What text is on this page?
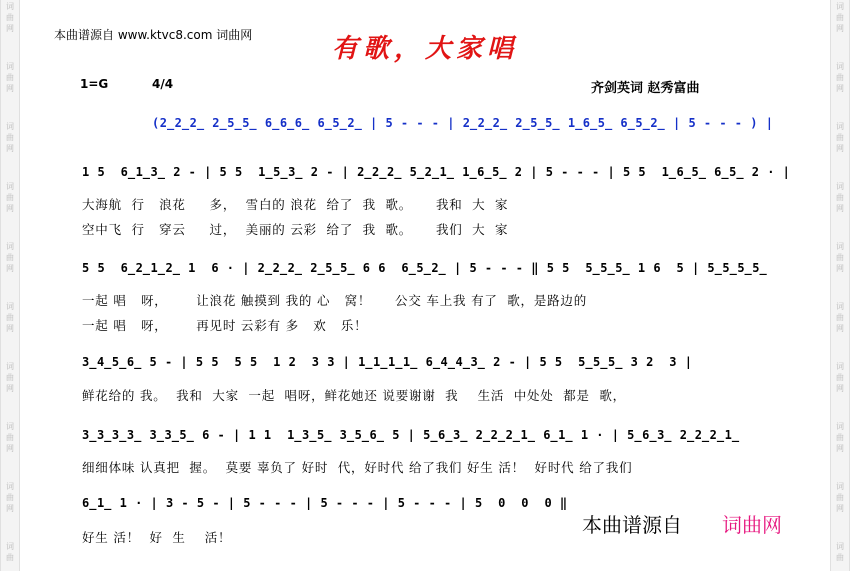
词
曲
网
词
曲
网
词
曲
网
词
曲
网
词
曲
网
词
曲
网
词
曲
网
词
曲
网
词
曲
网
词
曲
词
曲
网
词
曲
网
词
曲
网
词
曲
网
词
曲
网
词
曲
网
词
曲
网
词
曲
网
词
曲
网
词
曲
本曲谱源自 www.ktvc8.com 词曲网	有歌，大家唱
1=G	4/4	齐剑英词 赵秀富曲
(2̲2̲2̲ 2̲5̲5̲ 6̲6̲6̲ 6̲5̲2̲ | 5 - - - | 2̲2̲2̲ 2̲5̲5̲ 1̲6̲5̲ 6̲5̲2̲ | 5 - - - ) |
1 5  6̲1̲3̲ 2 - | 5 5  1̲5̲3̲ 2 - | 2̲2̲2̲ 5̲2̲1̲ 1̲6̲5̲ 2 | 5 - - - | 5 5  1̲6̲5̲ 6̲5̲ 2 · |
大海航  行   浪花     多，  雪白的 浪花  给了  我  歌。     我和  大  家
空中飞  行   穿云     过，  美丽的 云彩  给了  我  歌。     我们  大  家
5 5  6̲2̲1̲2̲ 1  6 · | 2̲2̲2̲ 2̲5̲5̲ 6 6  6̲5̲2̲ | 5 - - - ‖ 5 5  5̲5̲5̲ 1 6  5 | 5̲5̲5̲5̲
一起 唱   呀，      让浪花 触摸到 我的 心   窝！     公交 车上我 有了  歌，是路边的
一起 唱   呀，      再见时 云彩有 多   欢   乐！
3̲4̲5̲6̲ 5 - | 5 5  5 5  1 2  3 3 | 1̲1̲1̲1̲ 6̲4̲4̲3̲ 2 - | 5 5  5̲5̲5̲ 3 2  3 |
鲜花给的 我。  我和  大家  一起  唱呀，鲜花她还 说要谢谢  我    生活  中处处  都是  歌，
3̲3̲3̲3̲ 3̲3̲5̲ 6 - | 1 1  1̲3̲5̲ 3̲5̲6̲ 5 | 5̲6̲3̲ 2̲2̲2̲1̲ 6̲1̲ 1 · | 5̲6̲3̲ 2̲2̲2̲1̲
细细体味 认真把  握。  莫要 辜负了 好时  代，好时代 给了我们 好生 活！  好时代 给了我们
6̲1̲ 1 · | 3 - 5 - | 5 - - - | 5 - - - | 5 - - - | 5  0  0  0 ‖
好生 活！  好  生    活！
本曲谱源自 词曲网
